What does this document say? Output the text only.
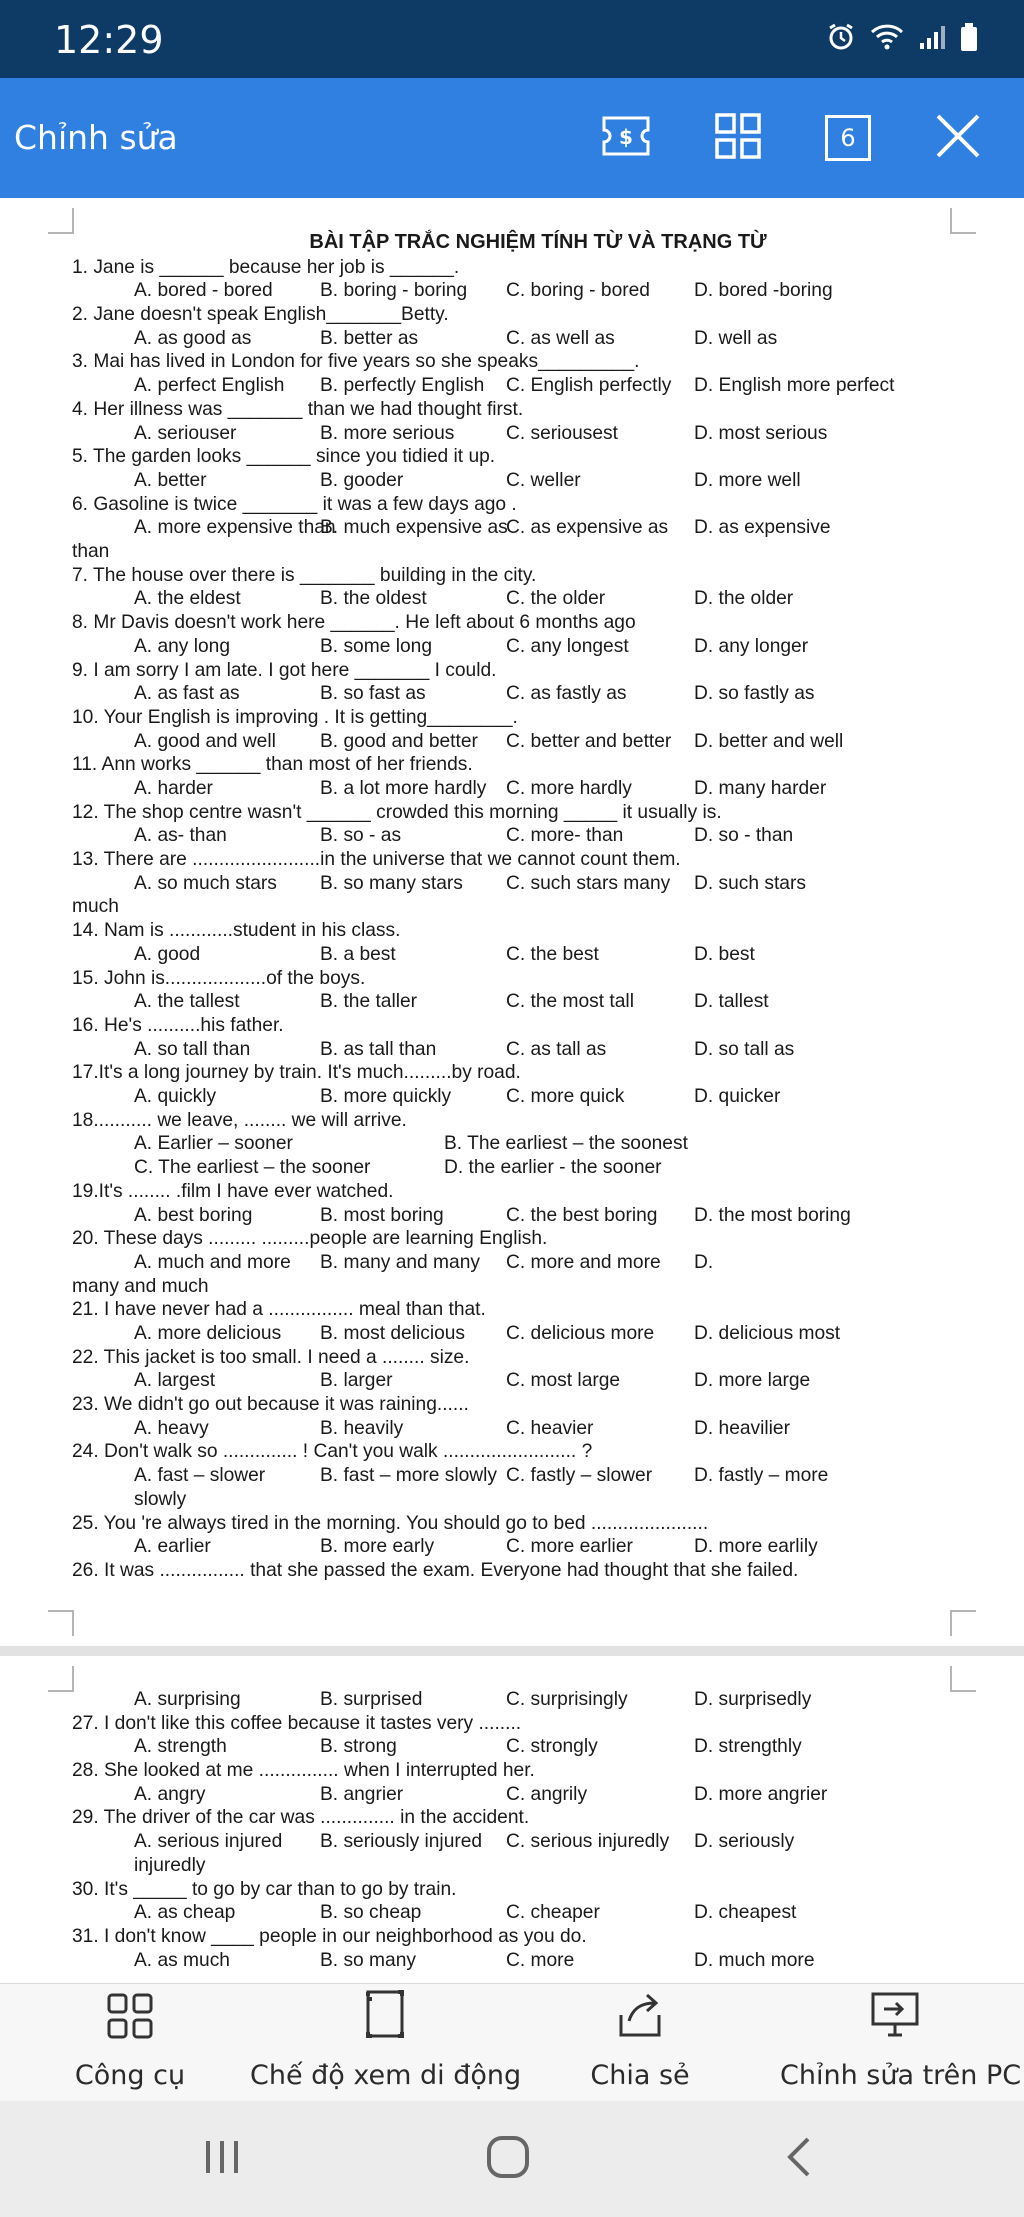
12:29
Chỉnh sửa	$	6
BÀI TẬP TRẮC NGHIỆM TÍNH TỪ VÀ TRẠNG TỪ
1. Jane is ______ because her job is ______.
A. bored - bored B. boring - boring C. boring - bored D. bored -boring
2. Jane doesn't speak English_______Betty.
A. as good as	B. better as	C. as well as	D. well as
3. Mai has lived in London for five years so she speaks_________.
A. perfect English B. perfectly English C. English perfectly D. English more perfect
4. Her illness was _______ than we had thought first.
A. seriouser	B. more serious	C. seriousest	D. most serious
5. The garden looks ______ since you tidied it up.
A. better	B. gooder	C. weller	D. more well
6. Gasoline is twice _______ it was a few days ago .
A. more expensive than
B. much expensive as
C. as expensive as D. as expensive
than
7. The house over there is _______ building in the city.
A. the eldest	B. the oldest	C. the older	D. the older
8. Mr Davis doesn't work here ______. He left about 6 months ago
A. any long	B. some long	C. any longest	D. any longer
9. I am sorry I am late. I got here _______ I could.
A. as fast as	B. so fast as	C. as fastly as	D. so fastly as
10. Your English is improving . It is getting________.
A. good and well B. good and better C. better and better D. better and well
11. Ann works ______ than most of her friends.
A. harder	B. a lot more hardly C. more hardly	D. many harder
12. The shop centre wasn't ______ crowded this morning _____ it usually is.
A. as- than	B. so - as	C. more- than	D. so - than
13. There are ........................in the universe that we cannot count them.
A. so much stars B. so many stars C. such stars many D. such stars
much
14. Nam is ............student in his class.
A. good	B. a best	C. the best	D. best
15. John is...................of the boys.
A. the tallest	B. the taller	C. the most tall	D. tallest
16. He's ..........his father.
A. so tall than	B. as tall than	C. as tall as	D. so tall as
17.It's a long journey by train. It's much.........by road.
A. quickly	B. more quickly	C. more quick	D. quicker
18........... we leave, ........ we will arrive.
A. Earlier – sooner	B. The earliest – the soonest
C. The earliest – the sooner	D. the earlier - the sooner
19.It's ........ .film I have ever watched.
A. best boring	B. most boring	C. the best boring D. the most boring
20. These days ......... .........people are learning English.
A. much and more B. many and many C. more and more D.
many and much
21. I have never had a ................ meal than that.
A. more delicious B. most delicious C. delicious more D. delicious most
22. This jacket is too small. I need a ........ size.
A. largest	B. larger	C. most large	D. more large
23. We didn't go out because it was raining......
A. heavy	B. heavily	C. heavier	D. heavilier
24. Don't walk so .............. ! Can't you walk ......................... ?
A. fast – slower	B. fast – more slowly C. fastly – slower D. fastly – more
slowly
25. You 're always tired in the morning. You should go to bed ......................
A. earlier	B. more early	C. more earlier	D. more earlily
26. It was ................ that she passed the exam. Everyone had thought that she failed.
A. surprising	B. surprised	C. surprisingly	D. surprisedly
27. I don't like this coffee because it tastes very ........
A. strength	B. strong	C. strongly	D. strengthly
28. She looked at me ............... when I interrupted her.
A. angry	B. angrier	C. angrily	D. more angrier
29. The driver of the car was .............. in the accident.
A. serious injured B. seriously injured C. serious injuredly D. seriously
injuredly
30. It's _____ to go by car than to go by train.
A. as cheap	B. so cheap	C. cheaper	D. cheapest
31. I don't know ____ people in our neighborhood as you do.
A. as much	B. so many	C. more	D. much more
Công cụ	Chế độ xem di động	Chia sẻ	Chỉnh sửa trên PC
